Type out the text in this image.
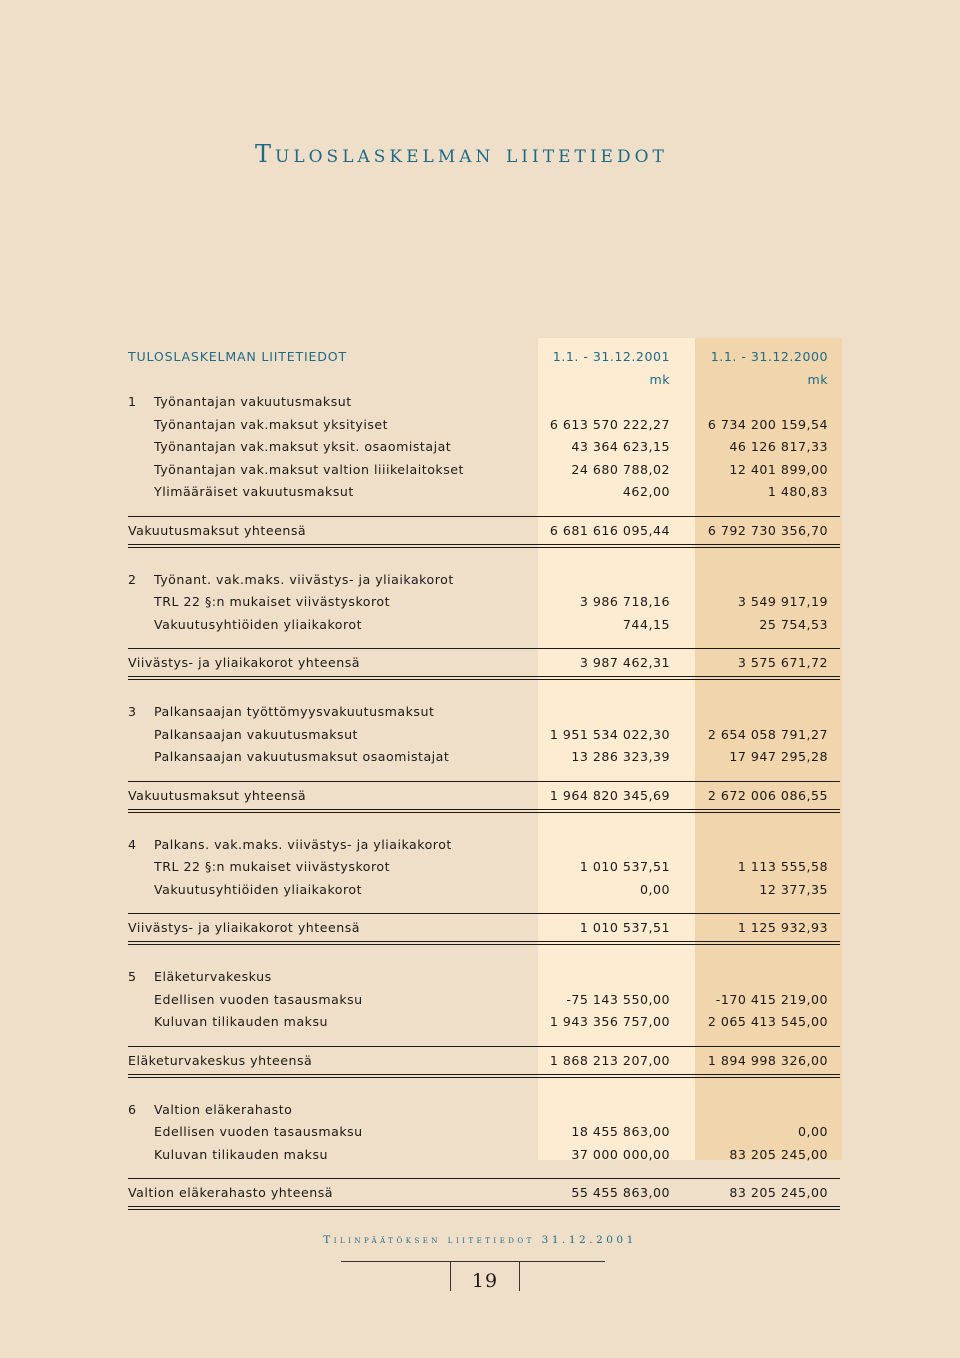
Tuloslaskelman liitetiedot
TULOSLASKELMAN LIITETIEDOT	1.1. - 31.12.2001	1.1. - 31.12.2000
mk	mk
1 Työnantajan vakuutusmaksut
Työnantajan vak.maksut yksityiset	6 613 570 222,27	6 734 200 159,54
Työnantajan vak.maksut yksit. osaomistajat	43 364 623,15	46 126 817,33
Työnantajan vak.maksut valtion liiikelaitokset	24 680 788,02	12 401 899,00
Ylimääräiset vakuutusmaksut	462,00	1 480,83
Vakuutusmaksut yhteensä	6 681 616 095,44	6 792 730 356,70
2 Työnant. vak.maks. viivästys- ja yliaikakorot
TRL 22 §:n mukaiset viivästyskorot	3 986 718,16	3 549 917,19
Vakuutusyhtiöiden yliaikakorot	744,15	25 754,53
Viivästys- ja yliaikakorot yhteensä	3 987 462,31	3 575 671,72
3 Palkansaajan työttömyysvakuutusmaksut
Palkansaajan vakuutusmaksut	1 951 534 022,30	2 654 058 791,27
Palkansaajan vakuutusmaksut osaomistajat	13 286 323,39	17 947 295,28
Vakuutusmaksut yhteensä	1 964 820 345,69	2 672 006 086,55
4 Palkans. vak.maks. viivästys- ja yliaikakorot
TRL 22 §:n mukaiset viivästyskorot	1 010 537,51	1 113 555,58
Vakuutusyhtiöiden yliaikakorot	0,00	12 377,35
Viivästys- ja yliaikakorot yhteensä	1 010 537,51	1 125 932,93
5 Eläketurvakeskus
Edellisen vuoden tasausmaksu	-75 143 550,00	-170 415 219,00
Kuluvan tilikauden maksu	1 943 356 757,00	2 065 413 545,00
Eläketurvakeskus yhteensä	1 868 213 207,00	1 894 998 326,00
6 Valtion eläkerahasto
Edellisen vuoden tasausmaksu	18 455 863,00	0,00
Kuluvan tilikauden maksu	37 000 000,00	83 205 245,00
Valtion eläkerahasto yhteensä	55 455 863,00	83 205 245,00
Tilinpäätöksen liitetiedot 31.12.2001
19
